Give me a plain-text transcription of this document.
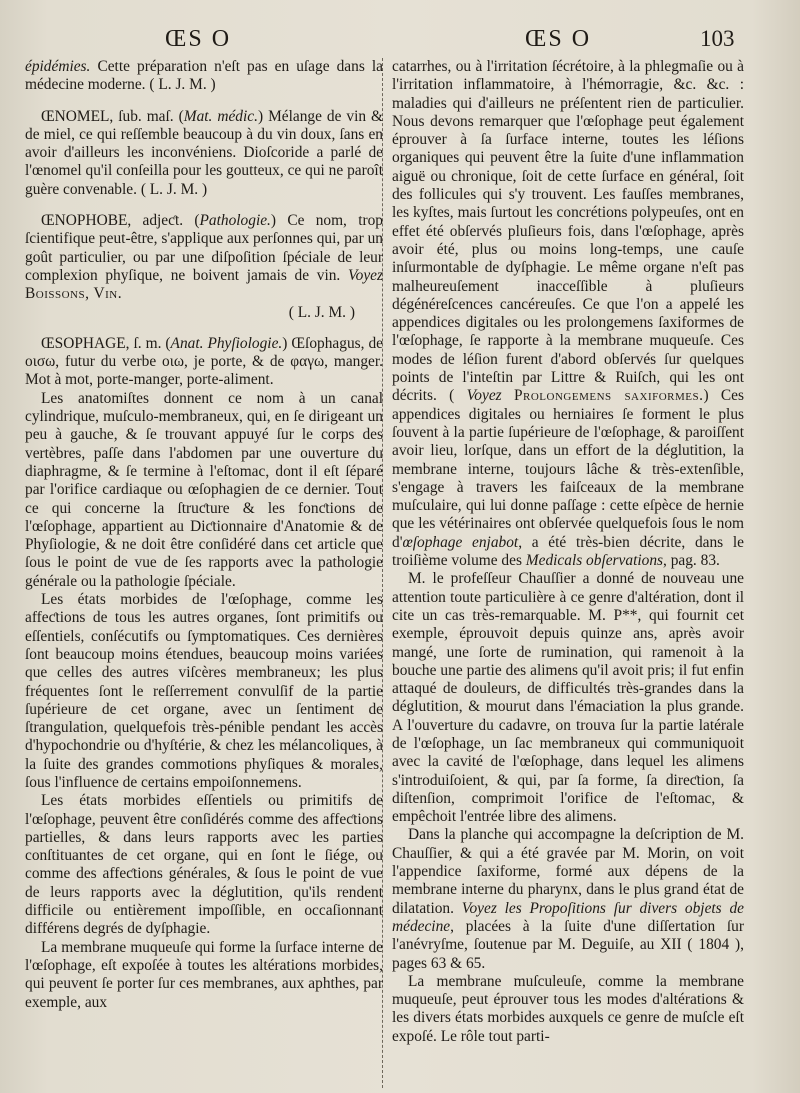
ŒS O	ŒS O	103

épidémies. Cette préparation n'eſt pas en uſage dans la médecine moderne. ( L. J. M. )

ŒNOMEL, ſub. maſ. (Mat. médic.) Mélange de vin & de miel, ce qui reſſemble beaucoup à du vin doux, ſans en avoir d'ailleurs les inconvéniens. Dioſcoride a parlé de l'œnomel qu'il conſeilla pour les goutteux, ce qui ne paroît guère convenable. ( L. J. M. )

ŒNOPHOBE, adjeƈt. (Pathologie.) Ce nom, trop ſcientifique peut-être, s'applique aux perſonnes qui, par un goût particulier, ou par une diſpoſition ſpéciale de leur complexion phyſique, ne boivent jamais de vin. Voyez Boissons, Vin.

( L. J. M. )

ŒSOPHAGE, ſ. m. (Anat. Phyſiologie.) Œſophagus, de οισω, futur du verbe οιω, je porte, & de φαγω, manger. Mot à mot, porte-manger, porte-aliment.

Les anatomiſtes donnent ce nom à un canal cylindrique, muſculo-membraneux, qui, en ſe dirigeant un peu à gauche, & ſe trouvant appuyé ſur le corps des vertèbres, paſſe dans l'abdomen par une ouverture du diaphragme, & ſe termine à l'eſtomac, dont il eſt ſéparé par l'orifice cardiaque ou œſophagien de ce dernier. Tout ce qui concerne la ſtruƈture & les fonƈtions de l'œſophage, appartient au Diƈtionnaire d'Anatomie & de Phyſiologie, & ne doit être conſidéré dans cet article que ſous le point de vue de ſes rapports avec la pathologie générale ou la pathologie ſpéciale.

Les états morbides de l'œſophage, comme les affeƈtions de tous les autres organes, ſont primitifs ou eſſentiels, conſécutifs ou ſymptomatiques. Ces dernières ſont beaucoup moins étendues, beaucoup moins variées que celles des autres viſcères membraneux; les plus fréquentes ſont le reſſerrement convulſif de la partie ſupérieure de cet organe, avec un ſentiment de ſtrangulation, quelquefois très-pénible pendant les accès d'hypochondrie ou d'hyſtérie, & chez les mélancoliques, à la ſuite des grandes commotions phyſiques & morales, ſous l'influence de certains empoiſonnemens.

Les états morbides eſſentiels ou primitifs de l'œſophage, peuvent être conſidérés comme des affeƈtions partielles, & dans leurs rapports avec les parties conſtituantes de cet organe, qui en ſont le ſiége, ou comme des affeƈtions générales, & ſous le point de vue de leurs rapports avec la déglutition, qu'ils rendent difficile ou entièrement impoſſible, en occaſionnant différens degrés de dyſphagie.

La membrane muqueuſe qui forme la ſurface interne de l'œſophage, eſt expoſée à toutes les altérations morbides, qui peuvent ſe porter ſur ces membranes, aux aphthes, par exemple, aux

catarrhes, ou à l'irritation ſécrétoire, à la phlegmaſie ou à l'irritation inflammatoire, à l'hémorragie, &c. &c. : maladies qui d'ailleurs ne préſentent rien de particulier. Nous devons remarquer que l'œſophage peut également éprouver à ſa ſurface interne, toutes les léſions organiques qui peuvent être la ſuite d'une inflammation aiguë ou chronique, ſoit de cette ſurface en général, ſoit des follicules qui s'y trouvent. Les fauſſes membranes, les kyſtes, mais ſurtout les concrétions polypeuſes, ont en effet été obſervés pluſieurs fois, dans l'œſophage, après avoir été, plus ou moins long-temps, une cauſe inſurmontable de dyſphagie. Le même organe n'eſt pas malheureuſement inacceſſible à pluſieurs dégénéreſcences cancéreuſes. Ce que l'on a appelé les appendices digitales ou les prolongemens ſaxiformes de l'œſophage, ſe rapporte à la membrane muqueuſe. Ces modes de léſion furent d'abord obſervés ſur quelques points de l'inteſtin par Littre & Ruiſch, qui les ont décrits. ( Voyez Prolongemens saxiformes.) Ces appendices digitales ou herniaires ſe forment le plus ſouvent à la partie ſupérieure de l'œſophage, & paroiſſent avoir lieu, lorſque, dans un effort de la déglutition, la membrane interne, toujours lâche & très-extenſible, s'engage à travers les faiſceaux de la membrane muſculaire, qui lui donne paſſage : cette eſpèce de hernie que les vétérinaires ont obſervée quelquefois ſous le nom d'œſophage enjabot, a été très-bien décrite, dans le troiſième volume des Medicals obſervations, pag. 83.

M. le profeſſeur Chauſſier a donné de nouveau une attention toute particulière à ce genre d'altération, dont il cite un cas très-remarquable. M. P**, qui fournit cet exemple, éprouvoit depuis quinze ans, après avoir mangé, une ſorte de rumination, qui ramenoit à la bouche une partie des alimens qu'il avoit pris; il fut enfin attaqué de douleurs, de difficultés très-grandes dans la déglutition, & mourut dans l'émaciation la plus grande. A l'ouverture du cadavre, on trouva ſur la partie latérale de l'œſophage, un ſac membraneux qui communiquoit avec la cavité de l'œſophage, dans lequel les alimens s'introduiſoient, & qui, par ſa forme, ſa direƈtion, ſa diſtenſion, comprimoit l'orifice de l'eſtomac, & empêchoit l'entrée libre des alimens.

Dans la planche qui accompagne la deſcription de M. Chauſſier, & qui a été gravée par M. Morin, on voit l'appendice ſaxiforme, formé aux dépens de la membrane interne du pharynx, dans le plus grand état de dilatation. Voyez les Propoſitions ſur divers objets de médecine, placées à la ſuite d'une diſſertation ſur l'anévryſme, ſoutenue par M. Deguiſe, au XII ( 1804 ), pages 63 & 65.

La membrane muſculeuſe, comme la membrane muqueuſe, peut éprouver tous les modes d'altérations & les divers états morbides auxquels ce genre de muſcle eſt expoſé. Le rôle tout parti-
